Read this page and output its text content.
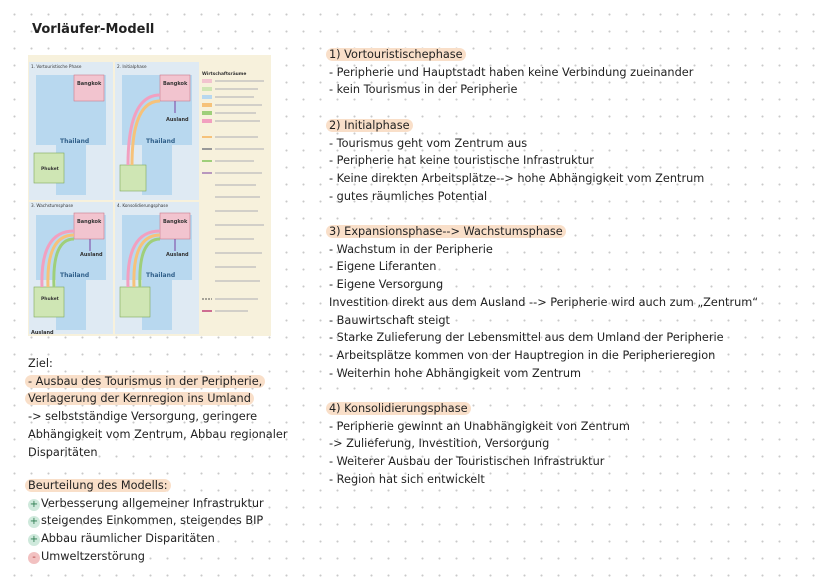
Vorläufer-Modell
1. Vortouristische Phase	2. Initialphase
3. Wachstumsphase	4. Konsolidierungsphase
Bangkok	Bangkok
Bangkok	Bangkok
Thailand	Thailand
Thailand	Thailand
Phuket
Phuket
Ausland
Ausland	Ausland
Ausland
Wirtschaftsräume
Ziel:
- Ausbau des Tourismus in der Peripherie,
Verlagerung der Kernregion ins Umland
-> selbstständige Versorgung, geringere
Abhängigkeit vom Zentrum, Abbau regionaler
Disparitäten
Beurteilung des Modells:
+ Verbesserung allgemeiner Infrastruktur
+ steigendes Einkommen, steigendes BIP
+ Abbau räumlicher Disparitäten
- Umweltzerstörung
1) Vortouristischephase
- Peripherie und Hauptstadt haben keine Verbindung zueinander
- kein Tourismus in der Peripherie
2) Initialphase
- Tourismus geht vom Zentrum aus
- Peripherie hat keine touristische Infrastruktur
- Keine direkten Arbeitsplätze--> hohe Abhängigkeit vom Zentrum
- gutes räumliches Potential
3) Expansionsphase--> Wachstumsphase
- Wachstum in der Peripherie
- Eigene Liferanten
- Eigene Versorgung
Investition direkt aus dem Ausland --> Peripherie wird auch zum „Zentrum“
- Bauwirtschaft steigt
- Starke Zulieferung der Lebensmittel aus dem Umland der Peripherie
- Arbeitsplätze kommen von der Hauptregion in die Peripherieregion
- Weiterhin hohe Abhängigkeit vom Zentrum
4) Konsolidierungsphase
- Peripherie gewinnt an Unabhängigkeit von Zentrum
-> Zulieferung, Investition, Versorgung
- Weiterer Ausbau der Touristischen Infrastruktur
- Region hat sich entwickelt
